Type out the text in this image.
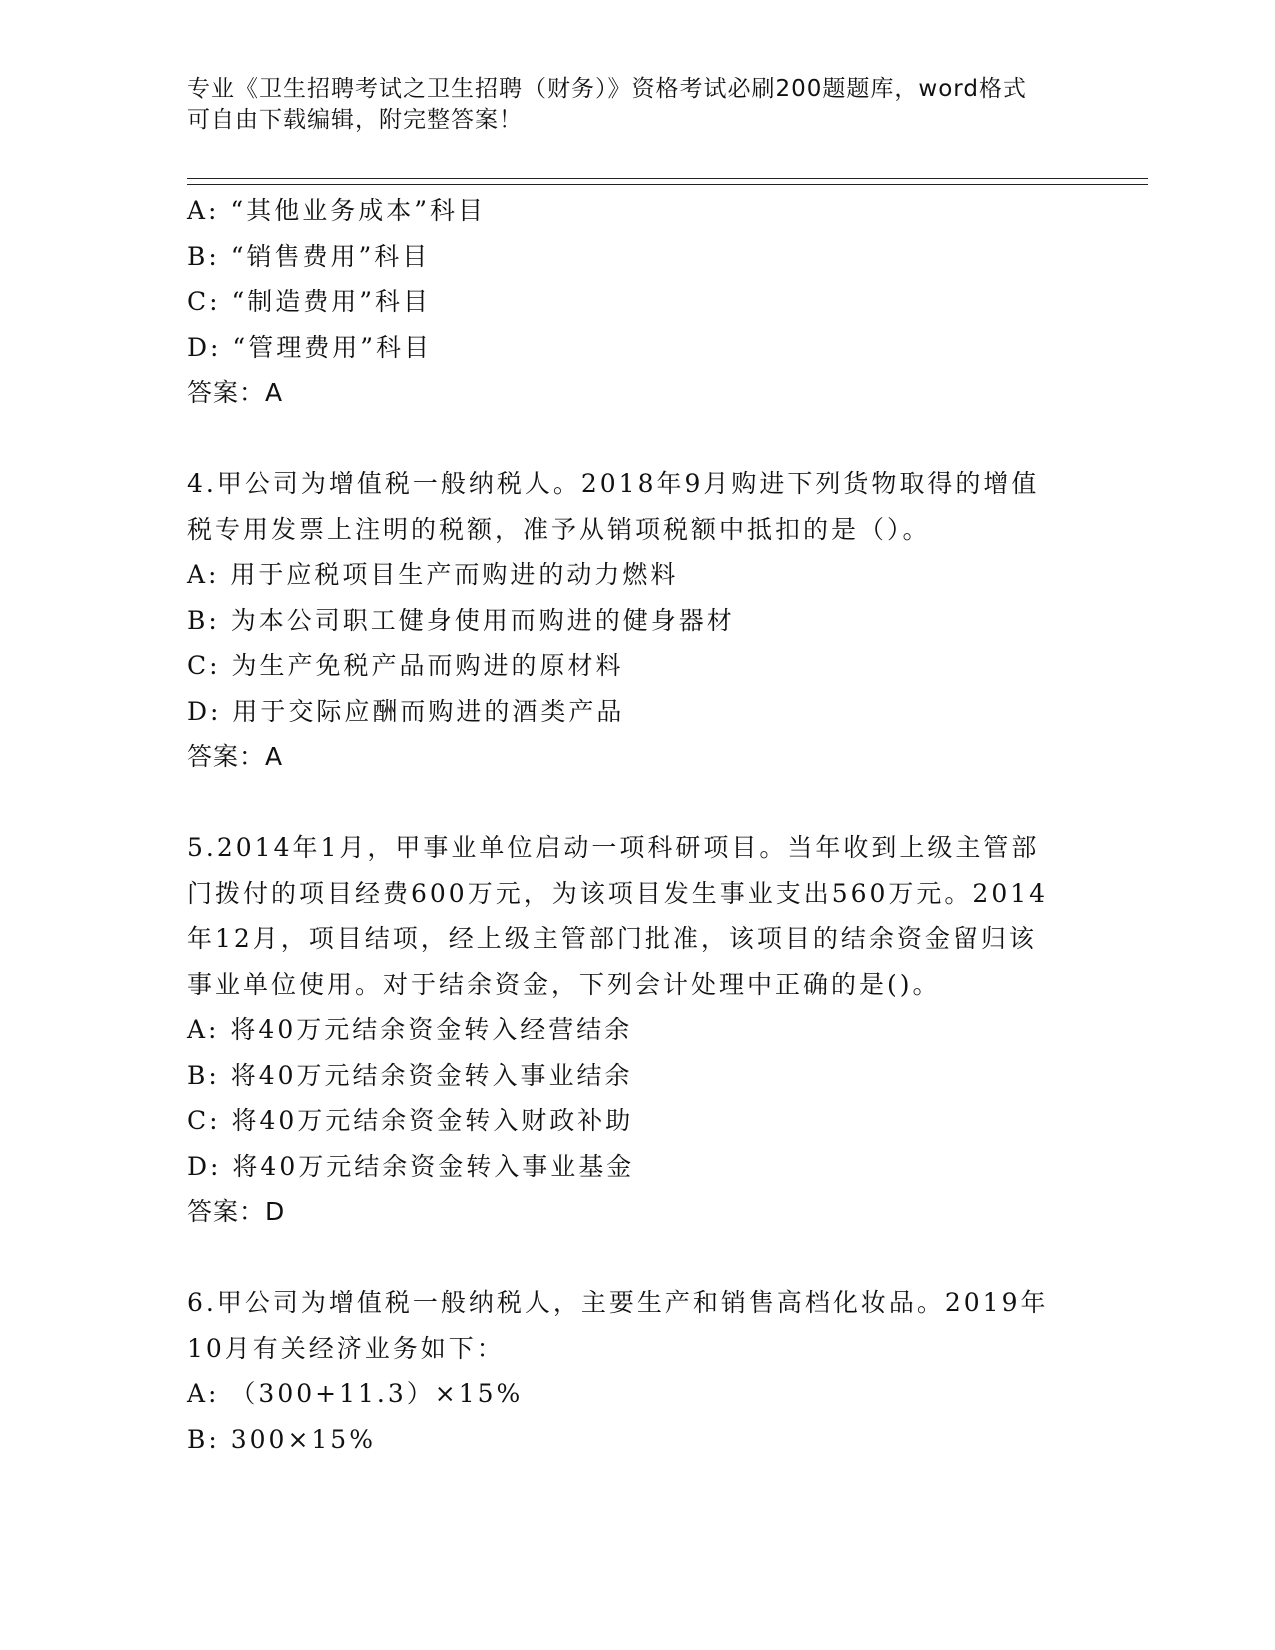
专业《卫生招聘考试之卫生招聘（财务）》资格考试必刷200题题库，word格式
可自由下载编辑，附完整答案！
A: “其他业务成本”科目
B: “销售费用”科目
C: “制造费用”科目
D: “管理费用”科目
答案：A
4.甲公司为增值税一般纳税人。2018年9月购进下列货物取得的增值
税专用发票上注明的税额，准予从销项税额中抵扣的是（）。
A: 用于应税项目生产而购进的动力燃料
B: 为本公司职工健身使用而购进的健身器材
C: 为生产免税产品而购进的原材料
D: 用于交际应酬而购进的酒类产品
答案：A
5.2014年1月，甲事业单位启动一项科研项目。当年收到上级主管部
门拨付的项目经费600万元，为该项目发生事业支出560万元。2014
年12月，项目结项，经上级主管部门批准，该项目的结余资金留归该
事业单位使用。对于结余资金，下列会计处理中正确的是()。
A: 将40万元结余资金转入经营结余
B: 将40万元结余资金转入事业结余
C: 将40万元结余资金转入财政补助
D: 将40万元结余资金转入事业基金
答案：D
6.甲公司为增值税一般纳税人，主要生产和销售高档化妆品。2019年
10月有关经济业务如下：
A: （300+11.3）×15%
B: 300×15%
